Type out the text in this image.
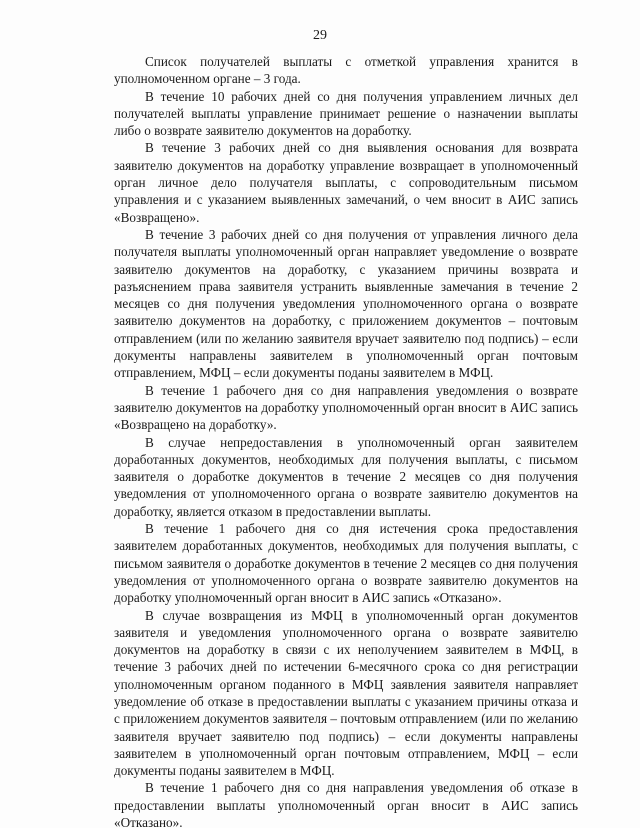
29

Список получателей выплаты с отметкой управления хранится в уполномоченном органе – 3 года.

В течение 10 рабочих дней со дня получения управлением личных дел получателей выплаты управление принимает решение о назначении выплаты либо о возврате заявителю документов на доработку.

В течение 3 рабочих дней со дня выявления основания для возврата заявителю документов на доработку управление возвращает в уполномоченный орган личное дело получателя выплаты, с сопроводительным письмом управления и с указанием выявленных замечаний, о чем вносит в АИС запись «Возвращено».

В течение 3 рабочих дней со дня получения от управления личного дела получателя выплаты уполномоченный орган направляет уведомление о возврате заявителю документов на доработку, с указанием причины возврата и разъяснением права заявителя устранить выявленные замечания в течение 2 месяцев со дня получения уведомления уполномоченного органа о возврате заявителю документов на доработку, с приложением документов – почтовым отправлением (или по желанию заявителя вручает заявителю под подпись) – если документы направлены заявителем в уполномоченный орган почтовым отправлением, МФЦ – если документы поданы заявителем в МФЦ.

В течение 1 рабочего дня со дня направления уведомления о возврате заявителю документов на доработку уполномоченный орган вносит в АИС запись «Возвращено на доработку».

В случае непредоставления в уполномоченный орган заявителем доработанных документов, необходимых для получения выплаты, с письмом заявителя о доработке документов в течение 2 месяцев со дня получения уведомления от уполномоченного органа о возврате заявителю документов на доработку, является отказом в предоставлении выплаты.

В течение 1 рабочего дня со дня истечения срока предоставления заявителем доработанных документов, необходимых для получения выплаты, с письмом заявителя о доработке документов в течение 2 месяцев со дня получения уведомления от уполномоченного органа о возврате заявителю документов на доработку уполномоченный орган вносит в АИС запись «Отказано».

В случае возвращения из МФЦ в уполномоченный орган документов заявителя и уведомления уполномоченного органа о возврате заявителю документов на доработку в связи с их неполучением заявителем в МФЦ, в течение 3 рабочих дней по истечении 6-месячного срока со дня регистрации уполномоченным органом поданного в МФЦ заявления заявителя направляет уведомление об отказе в предоставлении выплаты с указанием причины отказа и с приложением документов заявителя – почтовым отправлением (или по желанию заявителя вручает заявителю под подпись) – если документы направлены заявителем в уполномоченный орган почтовым отправлением, МФЦ – если документы поданы заявителем в МФЦ.

В течение 1 рабочего дня со дня направления уведомления об отказе в предоставлении выплаты уполномоченный орган вносит в АИС запись «Отказано».
